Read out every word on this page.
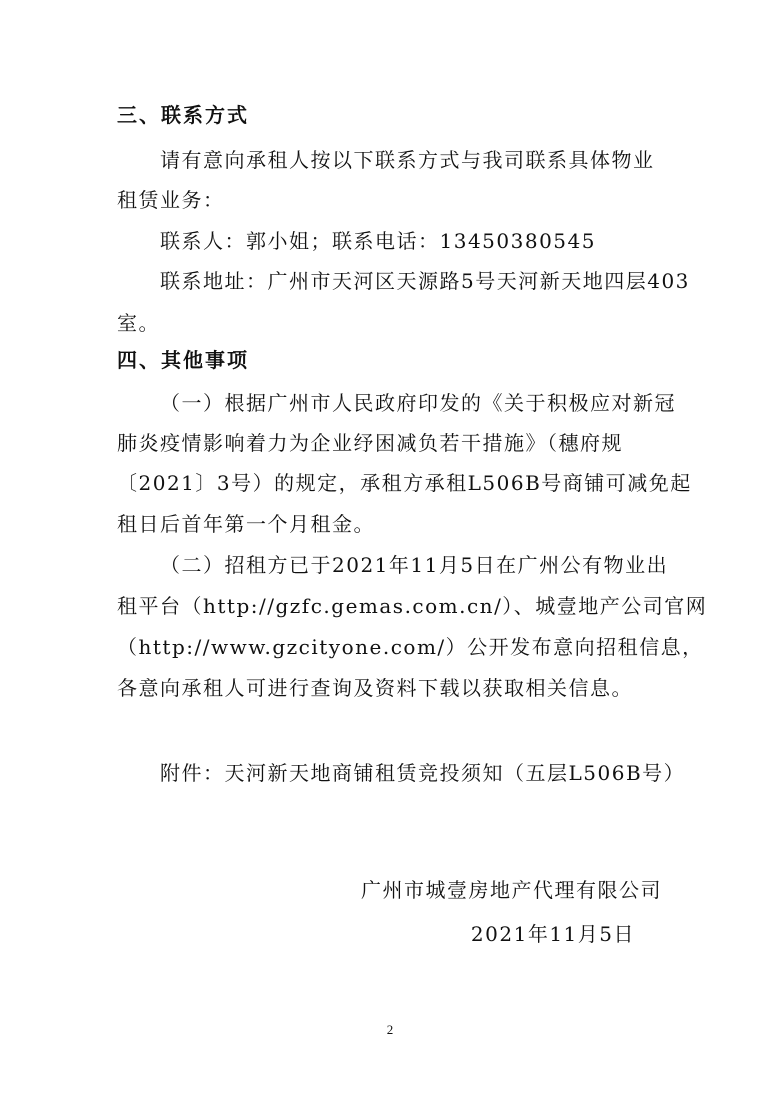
三、联系方式
请有意向承租人按以下联系方式与我司联系具体物业
租赁业务：
联系人：郭小姐；联系电话：13450380545
联系地址：广州市天河区天源路5号天河新天地四层403
室。
四、其他事项
（一）根据广州市人民政府印发的《关于积极应对新冠
肺炎疫情影响着力为企业纾困减负若干措施》（穗府规
〔2021〕3号）的规定，承租方承租L506B号商铺可减免起
租日后首年第一个月租金。
（二）招租方已于2021年11月5日在广州公有物业出
租平台（http://gzfc.gemas.com.cn/）、城壹地产公司官网
（http://www.gzcityone.com/）公开发布意向招租信息，
各意向承租人可进行查询及资料下载以获取相关信息。
附件：天河新天地商铺租赁竞投须知（五层L506B号）
广州市城壹房地产代理有限公司
2021年11月5日
2
